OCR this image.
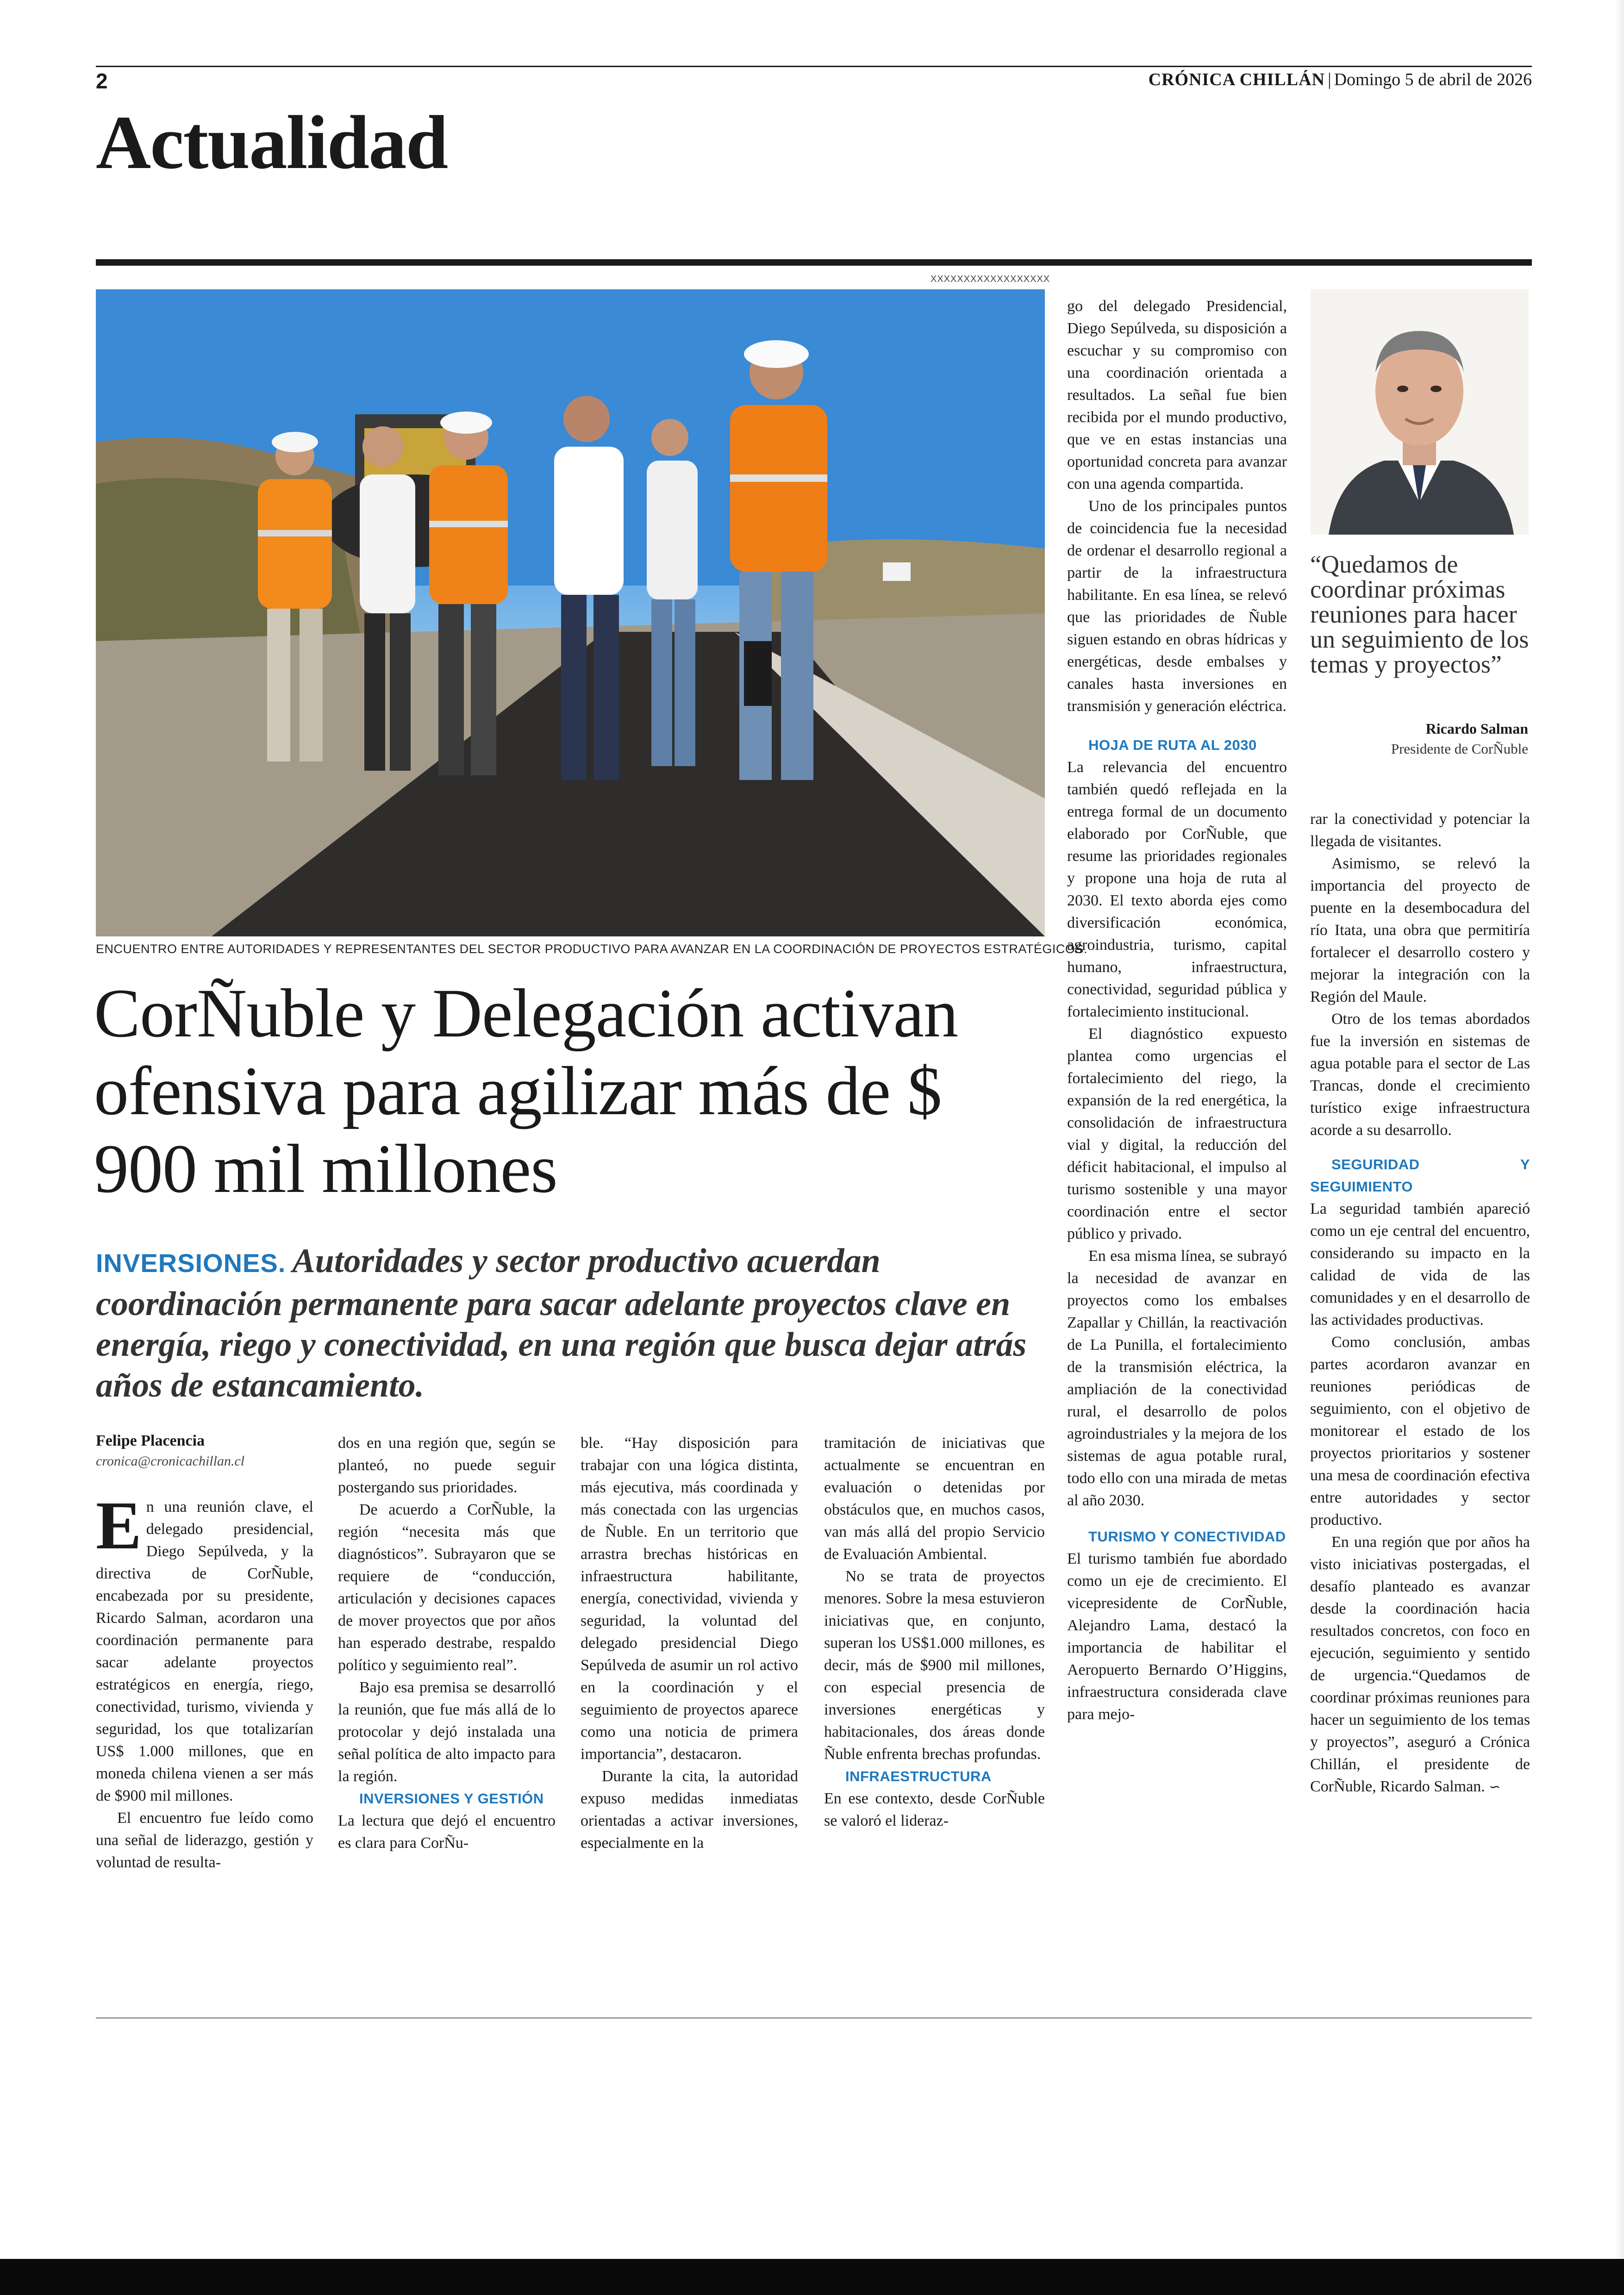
2	CRÓNICA CHILLÁN | Domingo 5 de abril de 2026
Actualidad
XXXXXXXXXXXXXXXXXX
ENCUENTRO ENTRE AUTORIDADES Y REPRESENTANTES DEL SECTOR PRODUCTIVO PARA AVANZAR EN LA COORDINACIÓN DE PROYECTOS ESTRATÉGICOS.
CorÑuble y Delegación activan ofensiva para agilizar más de $ 900 mil millones
INVERSIONES. Autoridades y sector productivo acuerdan coordinación permanente para sacar adelante proyectos clave en energía, riego y conectividad, en una región que busca dejar atrás años de estancamiento.
Felipe Placencia
cronica@cronicachillan.cl

En una reunión clave, el delegado presidencial, Diego Sepúlveda, y la directiva de CorÑuble, encabezada por su presidente, Ricardo Salman, acordaron una coordinación permanente para sacar adelante proyectos estratégicos en energía, riego, conectividad, turismo, vivienda y seguridad, los que totalizarían US$ 1.000 millones, que en moneda chilena vienen a ser más de $900 mil millones.

El encuentro fue leído como una señal de liderazgo, gestión y voluntad de resulta-

dos en una región que, según se planteó, no puede seguir postergando sus prioridades.

De acuerdo a CorÑuble, la región “necesita más que diagnósticos”. Subrayaron que se requiere de “conducción, articulación y decisiones capaces de mover proyectos que por años han esperado destrabe, respaldo político y seguimiento real”.

Bajo esa premisa se desarrolló la reunión, que fue más allá de lo protocolar y dejó instalada una señal política de alto impacto para la región.

INVERSIONES Y GESTIÓN

La lectura que dejó el encuentro es clara para CorÑu-

ble. “Hay disposición para trabajar con una lógica distinta, más ejecutiva, más coordinada y más conectada con las urgencias de Ñuble. En un territorio que arrastra brechas históricas en infraestructura habilitante, energía, conectividad, vivienda y seguridad, la voluntad del delegado presidencial Diego Sepúlveda de asumir un rol activo en la coordinación y el seguimiento de proyectos aparece como una noticia de primera importancia”, destacaron.

Durante la cita, la autoridad expuso medidas inmediatas orientadas a activar inversiones, especialmente en la

tramitación de iniciativas que actualmente se encuentran en evaluación o detenidas por obstáculos que, en muchos casos, van más allá del propio Servicio de Evaluación Ambiental.

No se trata de proyectos menores. Sobre la mesa estuvieron iniciativas que, en conjunto, superan los US$1.000 millones, es decir, más de $900 mil millones, con especial presencia de inversiones energéticas y habitacionales, dos áreas donde Ñuble enfrenta brechas profundas.

INFRAESTRUCTURA

En ese contexto, desde CorÑuble se valoró el lideraz-

go del delegado Presidencial, Diego Sepúlveda, su disposición a escuchar y su compromiso con una coordinación orientada a resultados. La señal fue bien recibida por el mundo productivo, que ve en estas instancias una oportunidad concreta para avanzar con una agenda compartida.

Uno de los principales puntos de coincidencia fue la necesidad de ordenar el desarrollo regional a partir de la infraestructura habilitante. En esa línea, se relevó que las prioridades de Ñuble siguen estando en obras hídricas y energéticas, desde embalses y canales hasta inversiones en transmisión y generación eléctrica.

HOJA DE RUTA AL 2030

La relevancia del encuentro también quedó reflejada en la entrega formal de un documento elaborado por CorÑuble, que resume las prioridades regionales y propone una hoja de ruta al 2030. El texto aborda ejes como diversificación económica, agroindustria, turismo, capital humano, infraestructura, conectividad, seguridad pública y fortalecimiento institucional.

El diagnóstico expuesto plantea como urgencias el fortalecimiento del riego, la expansión de la red energética, la consolidación de infraestructura vial y digital, la reducción del déficit habitacional, el impulso al turismo sostenible y una mayor coordinación entre el sector público y privado.

En esa misma línea, se subrayó la necesidad de avanzar en proyectos como los embalses Zapallar y Chillán, la reactivación de La Punilla, el fortalecimiento de la transmisión eléctrica, la ampliación de la conectividad rural, el desarrollo de polos agroindustriales y la mejora de los sistemas de agua potable rural, todo ello con una mirada de metas al año 2030.

TURISMO Y CONECTIVIDAD

El turismo también fue abordado como un eje de crecimiento. El vicepresidente de CorÑuble, Alejandro Lama, destacó la importancia de habilitar el Aeropuerto Bernardo O’Higgins, infraestructura considerada clave para mejo-

rar la conectividad y potenciar la llegada de visitantes.

Asimismo, se relevó la importancia del proyecto de puente en la desembocadura del río Itata, una obra que permitiría fortalecer el desarrollo costero y mejorar la integración con la Región del Maule.

Otro de los temas abordados fue la inversión en sistemas de agua potable para el sector de Las Trancas, donde el crecimiento turístico exige infraestructura acorde a su desarrollo.

SEGURIDAD Y SEGUIMIENTO

La seguridad también apareció como un eje central del encuentro, considerando su impacto en la calidad de vida de las comunidades y en el desarrollo de las actividades productivas.

Como conclusión, ambas partes acordaron avanzar en reuniones periódicas de seguimiento, con el objetivo de monitorear el estado de los proyectos prioritarios y sostener una mesa de coordinación efectiva entre autoridades y sector productivo.

En una región que por años ha visto iniciativas postergadas, el desafío planteado es avanzar desde la coordinación hacia resultados concretos, con foco en ejecución, seguimiento y sentido de urgencia.“Quedamos de coordinar próximas reuniones para hacer un seguimiento de los temas y proyectos”, aseguró a Crónica Chillán, el presidente de CorÑuble, Ricardo Salman. ∽

“Quedamos de coordinar próximas reuniones para hacer un seguimiento de los temas y proyectos”
Ricardo Salman
Presidente de CorÑuble
